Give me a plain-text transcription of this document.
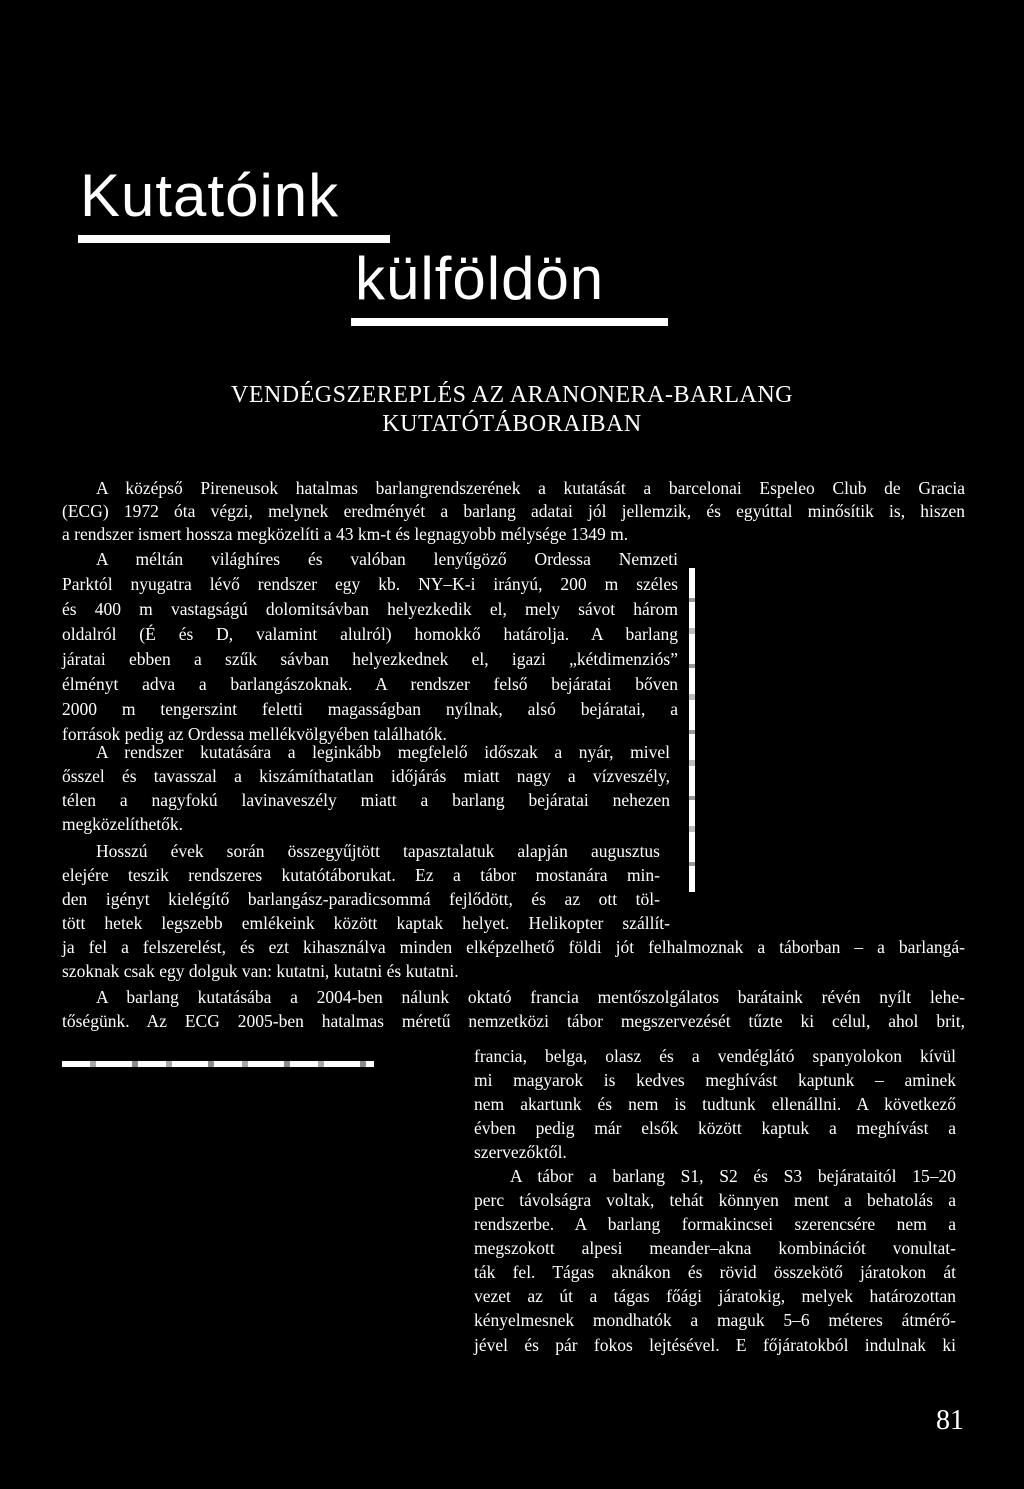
Kutatóink
külföldön
VENDÉGSZEREPLÉS AZ ARANONERA-BARLANG
KUTATÓTÁBORAIBAN

A középső Pireneusok hatalmas barlangrendszerének a kutatását a barcelonai Espeleo Club de Gracia

(ECG) 1972 óta végzi, melynek eredményét a barlang adatai jól jellemzik, és egyúttal minősítik is, hiszen

a rendszer ismert hossza megközelíti a 43 km-t és legnagyobb mélysége 1349 m.

A méltán világhíres és valóban lenyűgöző Ordessa Nemzeti

Parktól nyugatra lévő rendszer egy kb. NY–K-i irányú, 200 m széles

és 400 m vastagságú dolomitsávban helyezkedik el, mely sávot három

oldalról (É és D, valamint alulról) homokkő határolja. A barlang

járatai ebben a szűk sávban helyezkednek el, igazi „kétdimenziós”

élményt adva a barlangászoknak. A rendszer felső bejáratai bőven

2000 m tengerszint feletti magasságban nyílnak, alsó bejáratai, a

források pedig az Ordessa mellékvölgyében találhatók.

A rendszer kutatására a leginkább megfelelő időszak a nyár, mivel

ősszel és tavasszal a kiszámíthatatlan időjárás miatt nagy a vízveszély,

télen a nagyfokú lavinaveszély miatt a barlang bejáratai nehezen

megközelíthetők.

Hosszú évek során összegyűjtött tapasztalatuk alapján augusztus

elejére teszik rendszeres kutatótáborukat. Ez a tábor mostanára min-

den igényt kielégítő barlangász-paradicsommá fejlődött, és az ott töl-

tött hetek legszebb emlékeink között kaptak helyet. Helikopter szállít-

ja fel a felszerelést, és ezt kihasználva minden elképzelhető földi jót felhalmoznak a táborban – a barlangá-

szoknak csak egy dolguk van: kutatni, kutatni és kutatni.

A barlang kutatásába a 2004-ben nálunk oktató francia mentőszolgálatos barátaink révén nyílt lehe-

tőségünk. Az ECG 2005-ben hatalmas méretű nemzetközi tábor megszervezését tűzte ki célul, ahol brit,

francia, belga, olasz és a vendéglátó spanyolokon kívül

mi magyarok is kedves meghívást kaptunk – aminek

nem akartunk és nem is tudtunk ellenállni. A következő

évben pedig már elsők között kaptuk a meghívást a

szervezőktől.

A tábor a barlang S1, S2 és S3 bejárataitól 15–20

perc távolságra voltak, tehát könnyen ment a behatolás a

rendszerbe. A barlang formakincsei szerencsére nem a

megszokott alpesi meander–akna kombinációt vonultat-

ták fel. Tágas aknákon és rövid összekötő járatokon át

vezet az út a tágas főági járatokig, melyek határozottan

kényelmesnek mondhatók a maguk 5–6 méteres átmérő-

jével és pár fokos lejtésével. E főjáratokból indulnak ki

81
